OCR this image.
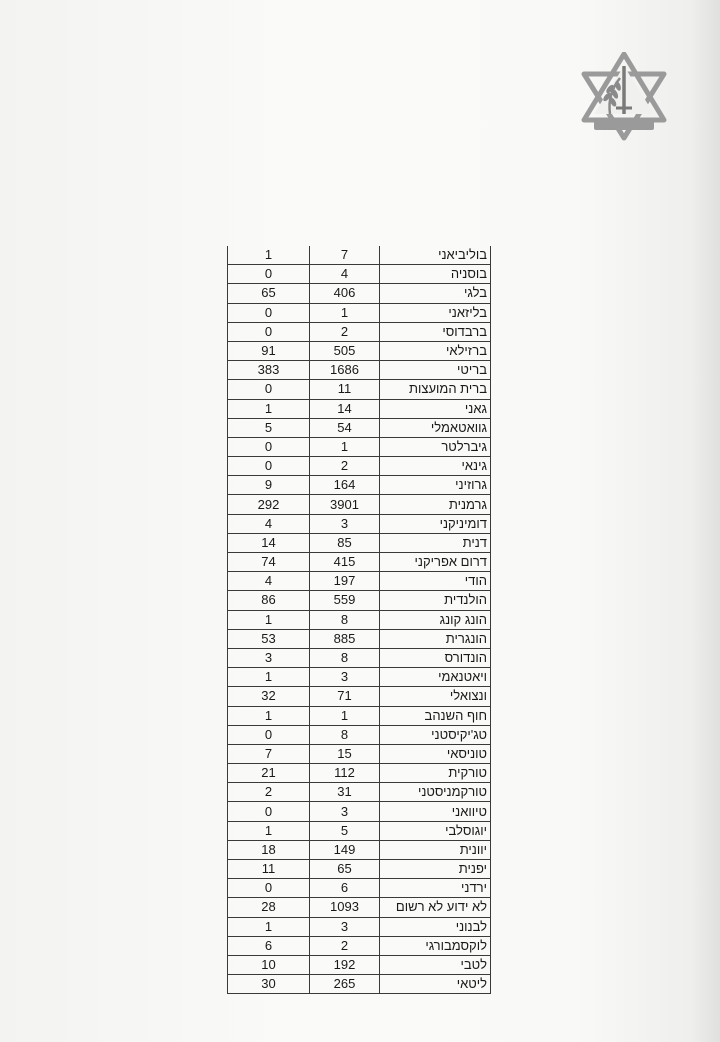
בוליביאני	7	1
בוסניה	4	0
בלגי	406	65
בליזאני	1	0
ברבדוסי	2	0
ברזילאי	505	91
בריטי	1686	383
ברית המועצות	11	0
גאני	14	1
גוואטאמלי	54	5
גיברלטר	1	0
גינאי	2	0
גרוזיני	164	9
גרמנית	3901	292
דומיניקני	3	4
דנית	85	14
דרום אפריקני	415	74
הודי	197	4
הולנדית	559	86
הונג קונג	8	1
הונגרית	885	53
הונדורס	8	3
ויאטנאמי	3	1
ונצואלי	71	32
חוף השנהב	1	1
טג'יקיסטני	8	0
טוניסאי	15	7
טורקית	112	21
טורקמניסטני	31	2
טיוואני	3	0
יוגוסלבי	5	1
יוונית	149	18
יפנית	65	11
ירדני	6	0
לא ידוע לא רשום	1093	28
לבנוני	3	1
לוקסמבורגי	2	6
לטבי	192	10
ליטאי	265	30
